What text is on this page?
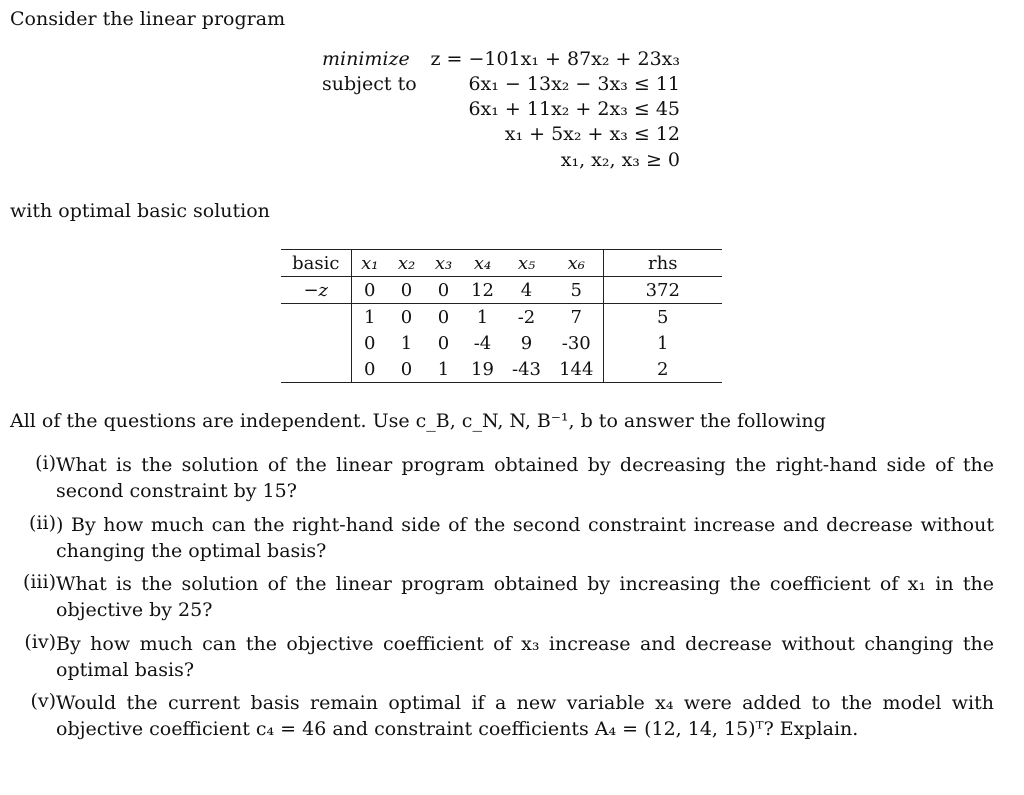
Consider the linear program
minimize
subject to
z = −101x₁ + 87x₂ + 23x₃
6x₁ − 13x₂ − 3x₃ ≤ 11
6x₁ + 11x₂ + 2x₃ ≤ 45
x₁ + 5x₂ + x₃ ≤ 12
x₁, x₂, x₃ ≥ 0
with optimal basic solution
basic	x₁	x₂	x₃	x₄	x₅	x₆	rhs
−z	0	0	0	12	4	5	372
	1	0	0	1	-2	7	5
	0	1	0	-4	9	-30	1
	0	0	1	19	-43	144	2
All of the questions are independent. Use c_B, c_N, N, B⁻¹, b to answer the following
(i) What is the solution of the linear program obtained by decreasing the right-hand side of the second constraint by 15?
(ii) ) By how much can the right-hand side of the second constraint increase and decrease without changing the optimal basis?
(iii) What is the solution of the linear program obtained by increasing the coefficient of x₁ in the objective by 25?
(iv) By how much can the objective coefficient of x₃ increase and decrease without changing the optimal basis?
(v) Would the current basis remain optimal if a new variable x₄ were added to the model with objective coefficient c₄ = 46 and constraint coefficients A₄ = (12, 14, 15)ᵀ? Explain.
